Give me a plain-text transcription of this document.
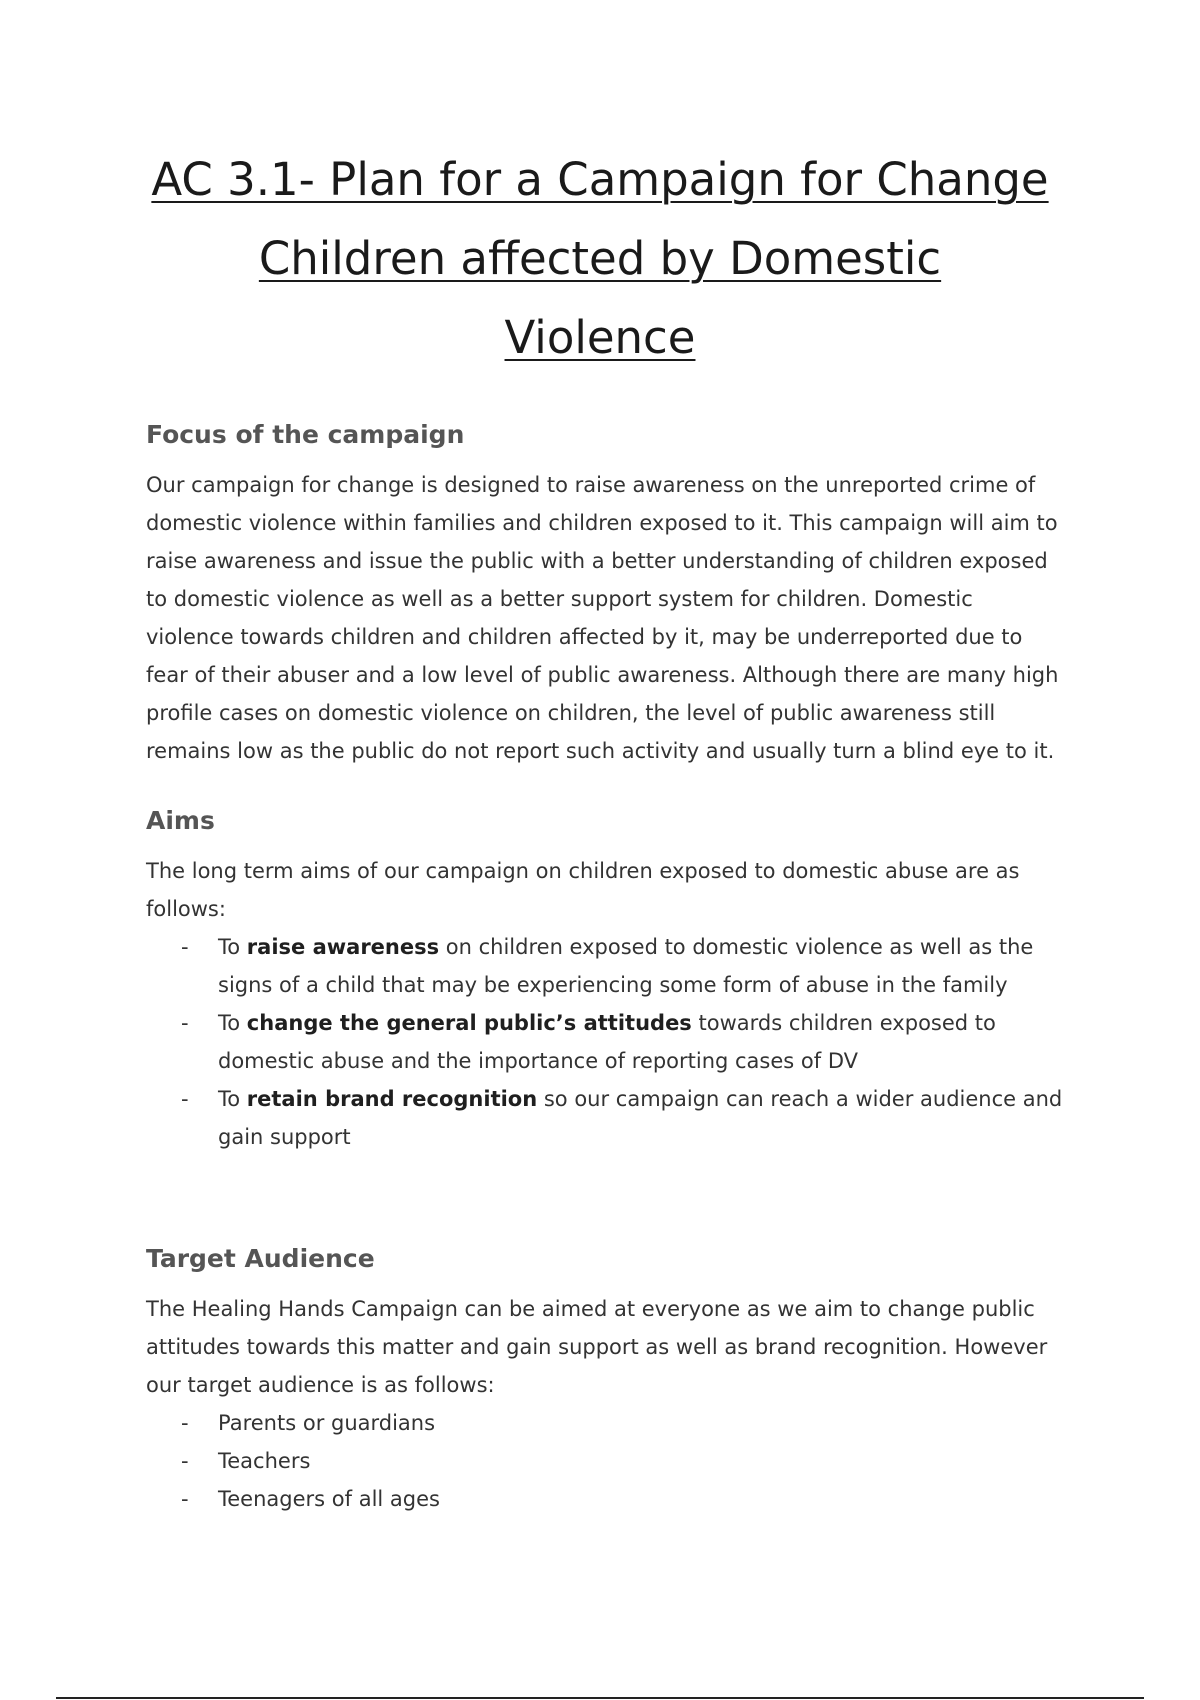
AC 3.1- Plan for a Campaign for Change
Children affected by Domestic
Violence
Focus of the campaign

Our campaign for change is designed to raise awareness on the unreported crime of domestic violence within families and children exposed to it. This campaign will aim to raise awareness and issue the public with a better understanding of children exposed to domestic violence as well as a better support system for children. Domestic violence towards children and children affected by it, may be underreported due to fear of their abuser and a low level of public awareness. Although there are many high profile cases on domestic violence on children, the level of public awareness still remains low as the public do not report such activity and usually turn a blind eye to it.

Aims

The long term aims of our campaign on children exposed to domestic abuse are as follows:

- To raise awareness on children exposed to domestic violence as well as the signs of a child that may be experiencing some form of abuse in the family
- To change the general public’s attitudes towards children exposed to domestic abuse and the importance of reporting cases of DV
- To retain brand recognition so our campaign can reach a wider audience and gain support
Target Audience

The Healing Hands Campaign can be aimed at everyone as we aim to change public attitudes towards this matter and gain support as well as brand recognition. However our target audience is as follows:

- Parents or guardians
- Teachers
- Teenagers of all ages
